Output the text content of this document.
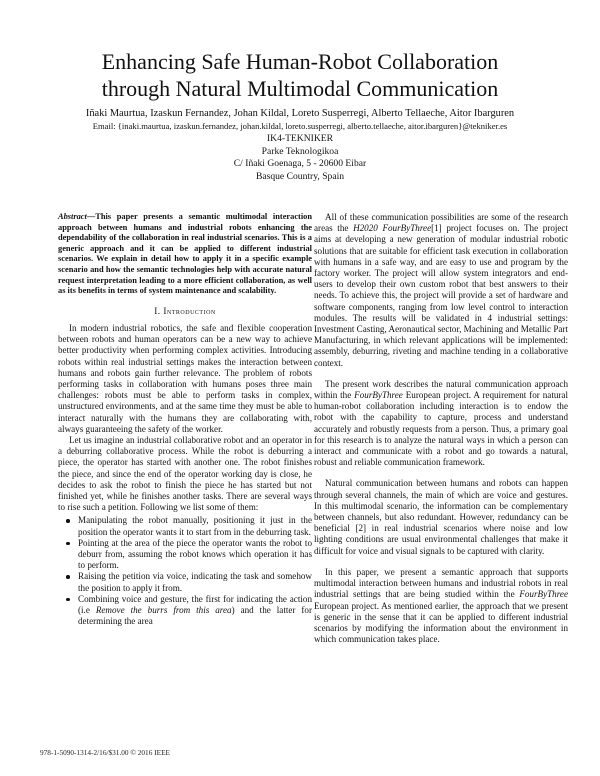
Enhancing Safe Human-Robot Collaboration
through Natural Multimodal Communication
Iñaki Maurtua, Izaskun Fernandez, Johan Kildal, Loreto Susperregi, Alberto Tellaeche, Aitor Ibarguren
Email: {inaki.maurtua, izaskun.fernandez, johan.kildal, loreto.susperregi, alberto.tellaeche, aitor.ibarguren}@tekniker.es
IK4-TEKNIKER
Parke Teknologikoa
C/ Iñaki Goenaga, 5 - 20600 Eibar
Basque Country, Spain
Abstract—This paper presents a semantic multimodal interaction approach between humans and industrial robots enhancing the dependability of the collaboration in real industrial scenarios. This is a generic approach and it can be applied to different industrial scenarios. We explain in detail how to apply it in a specific example scenario and how the semantic technologies help with accurate natural request interpretation leading to a more efficient collaboration, as well as its benefits in terms of system maintenance and scalability.
I. Introduction

In modern industrial robotics, the safe and flexible cooperation between robots and human operators can be a new way to achieve better productivity when performing complex activities. Introducing robots within real industrial settings makes the interaction between humans and robots gain further relevance. The problem of robots performing tasks in collaboration with humans poses three main challenges: robots must be able to perform tasks in complex, unstructured environments, and at the same time they must be able to interact naturally with the humans they are collaborating with, always guaranteeing the safety of the worker.

Let us imagine an industrial collaborative robot and an operator in a deburring collaborative process. While the robot is deburring a piece, the operator has started with another one. The robot finishes the piece, and since the end of the operator working day is close, he decides to ask the robot to finish the piece he has started but not finished yet, while he finishes another tasks. There are several ways to rise such a petition. Following we list some of them:

Manipulating the robot manually, positioning it just in the position the operator wants it to start from in the deburring task.
Pointing at the area of the piece the operator wants the robot to deburr from, assuming the robot knows which operation it has to perform.
Raising the petition via voice, indicating the task and somehow the position to apply it from.
Combining voice and gesture, the first for indicating the action (i.e Remove the burrs from this area) and the latter for determining the area

All of these communication possibilities are some of the research areas the H2020 FourByThree[1] project focuses on. The project aims at developing a new generation of modular industrial robotic solutions that are suitable for efficient task execution in collaboration with humans in a safe way, and are easy to use and program by the factory worker. The project will allow system integrators and end-users to develop their own custom robot that best answers to their needs. To achieve this, the project will provide a set of hardware and software components, ranging from low level control to interaction modules. The results will be validated in 4 industrial settings: Investment Casting, Aeronautical sector, Machining and Metallic Part Manufacturing, in which relevant applications will be implemented: assembly, deburring, riveting and machine tending in a collaborative context.

The present work describes the natural communication approach within the FourByThree European project. A requirement for natural human-robot collaboration including interaction is to endow the robot with the capability to capture, process and understand accurately and robustly requests from a person. Thus, a primary goal for this research is to analyze the natural ways in which a person can interact and communicate with a robot and go towards a natural, robust and reliable communication framework.

Natural communication between humans and robots can happen through several channels, the main of which are voice and gestures. In this multimodal scenario, the information can be complementary between channels, but also redundant. However, redundancy can be beneficial [2] in real industrial scenarios where noise and low lighting conditions are usual environmental challenges that make it difficult for voice and visual signals to be captured with clarity.

In this paper, we present a semantic approach that supports multimodal interaction between humans and industrial robots in real industrial settings that are being studied within the FourByThree European project. As mentioned earlier, the approach that we present is generic in the sense that it can be applied to different industrial scenarios by modifying the information about the environment in which communication takes place.

978-1-5090-1314-2/16/$31.00 © 2016 IEEE
